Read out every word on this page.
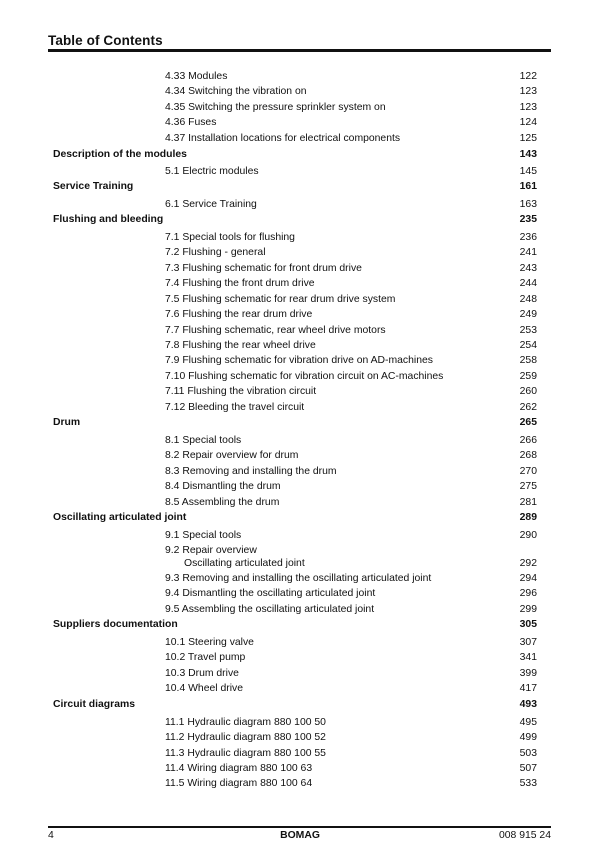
Table of Contents
4.33 Modules	122
4.34 Switching the vibration on	123
4.35 Switching the pressure sprinkler system on	123
4.36 Fuses	124
4.37 Installation locations for electrical components	125
Description of the modules	143
5.1 Electric modules	145
Service Training	161
6.1 Service Training	163
Flushing and bleeding	235
7.1 Special tools for flushing	236
7.2 Flushing - general	241
7.3 Flushing schematic for front drum drive	243
7.4 Flushing the front drum drive	244
7.5 Flushing schematic for rear drum drive system	248
7.6 Flushing the rear drum drive	249
7.7 Flushing schematic, rear wheel drive motors	253
7.8 Flushing the rear wheel drive	254
7.9 Flushing schematic for vibration drive on AD-machines	258
7.10 Flushing schematic for vibration circuit on AC-machines	259
7.11 Flushing the vibration circuit	260
7.12 Bleeding the travel circuit	262
Drum	265
8.1 Special tools	266
8.2 Repair overview for drum	268
8.3 Removing and installing the drum	270
8.4 Dismantling the drum	275
8.5 Assembling the drum	281
Oscillating articulated joint	289
9.1 Special tools	290
9.2 Repair overview
Oscillating articulated joint	292
9.3 Removing and installing the oscillating articulated joint	294
9.4 Dismantling the oscillating articulated joint	296
9.5 Assembling the oscillating articulated joint	299
Suppliers documentation	305
10.1 Steering valve	307
10.2 Travel pump	341
10.3 Drum drive	399
10.4 Wheel drive	417
Circuit diagrams	493
11.1 Hydraulic diagram 880 100 50	495
11.2 Hydraulic diagram 880 100 52	499
11.3 Hydraulic diagram 880 100 55	503
11.4 Wiring diagram 880 100 63	507
11.5 Wiring diagram 880 100 64	533
4	BOMAG	008 915 24
